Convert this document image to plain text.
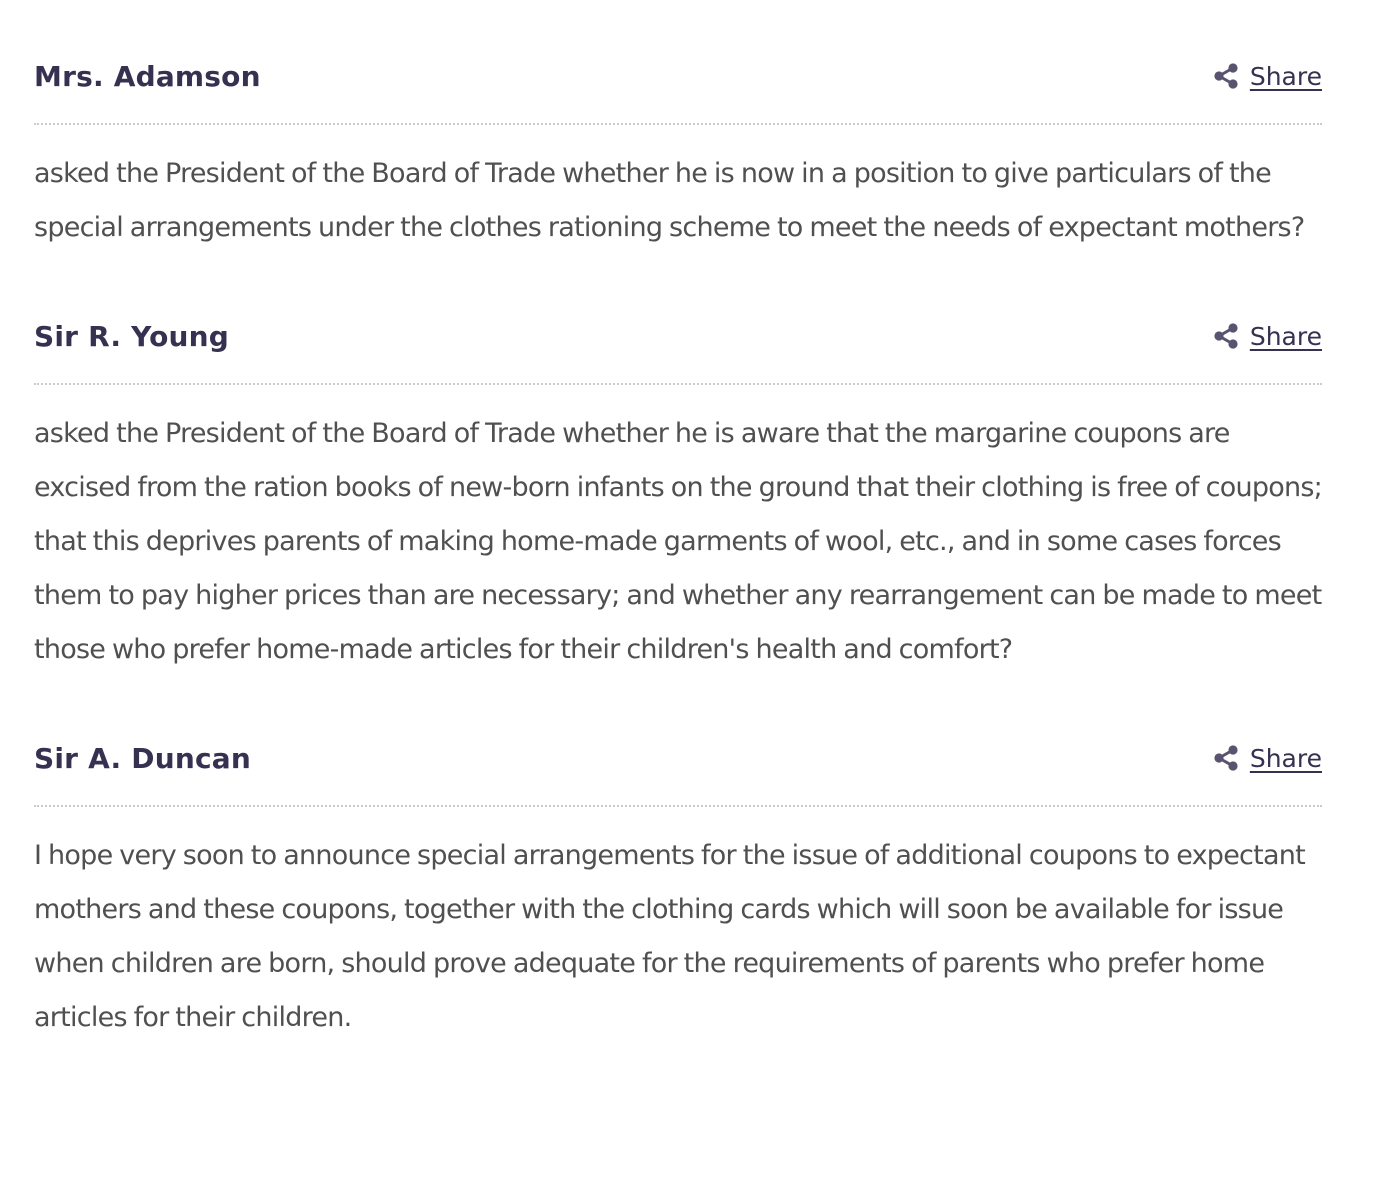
Mrs. Adamson	Share

asked the President of the Board of Trade whether he is now in a position to give particulars of the special arrangements under the clothes rationing scheme to meet the needs of expectant mothers?

Sir R. Young	Share

asked the President of the Board of Trade whether he is aware that the margarine coupons are excised from the ration books of new-born infants on the ground that their clothing is free of coupons; that this deprives parents of making home-made garments of wool, etc., and in some cases forces them to pay higher prices than are necessary; and whether any rearrangement can be made to meet those who prefer home-made articles for their children's health and comfort?

Sir A. Duncan	Share

I hope very soon to announce special arrangements for the issue of additional coupons to expectant mothers and these coupons, together with the clothing cards which will soon be available for issue when children are born, should prove adequate for the requirements of parents who prefer home articles for their children.
